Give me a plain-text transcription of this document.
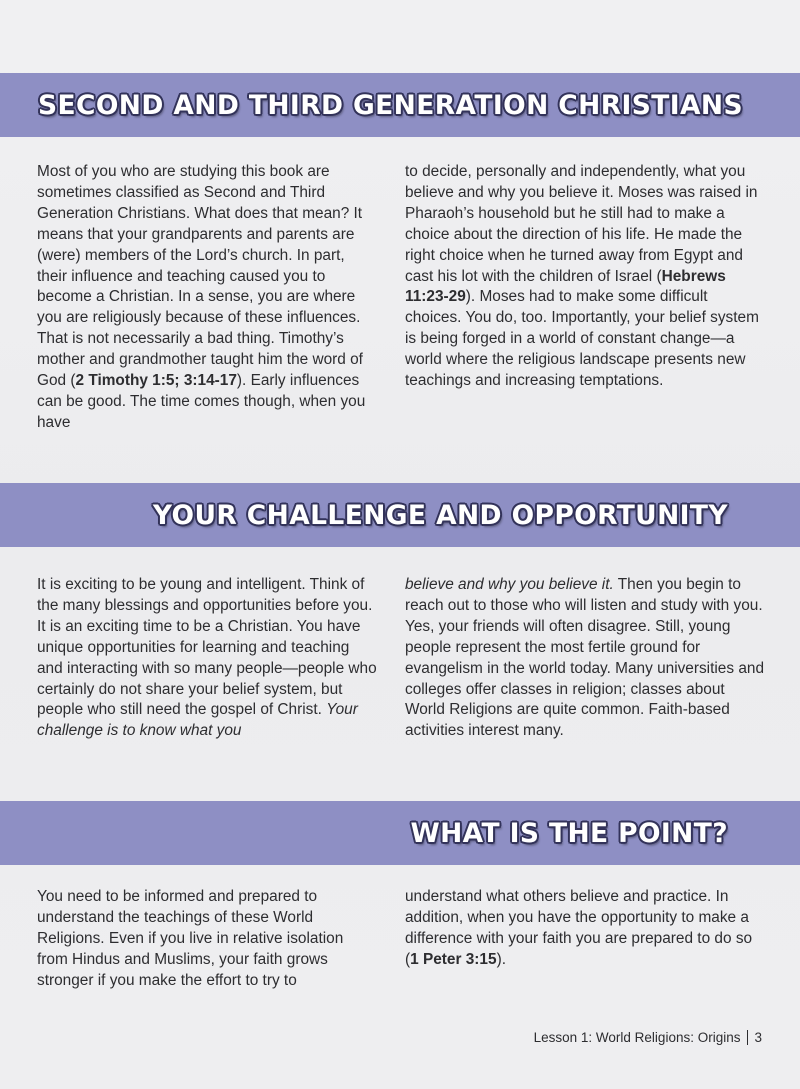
SECOND AND THIRD GENERATION CHRISTIANS

Most of you who are studying this book are sometimes classified as Second and Third Generation Christians. What does that mean? It means that your grandparents and parents are (were) members of the Lord’s church. In part, their influence and teaching caused you to become a Christian. In a sense, you are where you are religiously because of these influences. That is not necessarily a bad thing. Timothy’s mother and grandmother taught him the word of God (2 Timothy 1:5; 3:14-17). Early influences can be good. The time comes though, when you have

to decide, personally and independently, what you believe and why you believe it. Moses was raised in Pharaoh’s household but he still had to make a choice about the direction of his life. He made the right choice when he turned away from Egypt and cast his lot with the children of Israel (Hebrews 11:23-29). Moses had to make some difficult choices. You do, too. Importantly, your belief system is being forged in a world of constant change—a world where the religious landscape presents new teachings and increasing temptations.

YOUR CHALLENGE AND OPPORTUNITY

It is exciting to be young and intelligent. Think of the many blessings and opportunities before you. It is an exciting time to be a Christian. You have unique opportunities for learning and teaching and interacting with so many people—people who certainly do not share your belief system, but people who still need the gospel of Christ. Your challenge is to know what you

believe and why you believe it. Then you begin to reach out to those who will listen and study with you. Yes, your friends will often disagree. Still, young people represent the most fertile ground for evangelism in the world today. Many universities and colleges offer classes in religion; classes about World Religions are quite common. Faith-based activities interest many.

WHAT IS THE POINT?

You need to be informed and prepared to understand the teachings of these World Religions. Even if you live in relative isolation from Hindus and Muslims, your faith grows stronger if you make the effort to try to

understand what others believe and practice. In addition, when you have the opportunity to make a difference with your faith you are prepared to do so (1 Peter 3:15).

Lesson 1: World Religions: Origins 3
